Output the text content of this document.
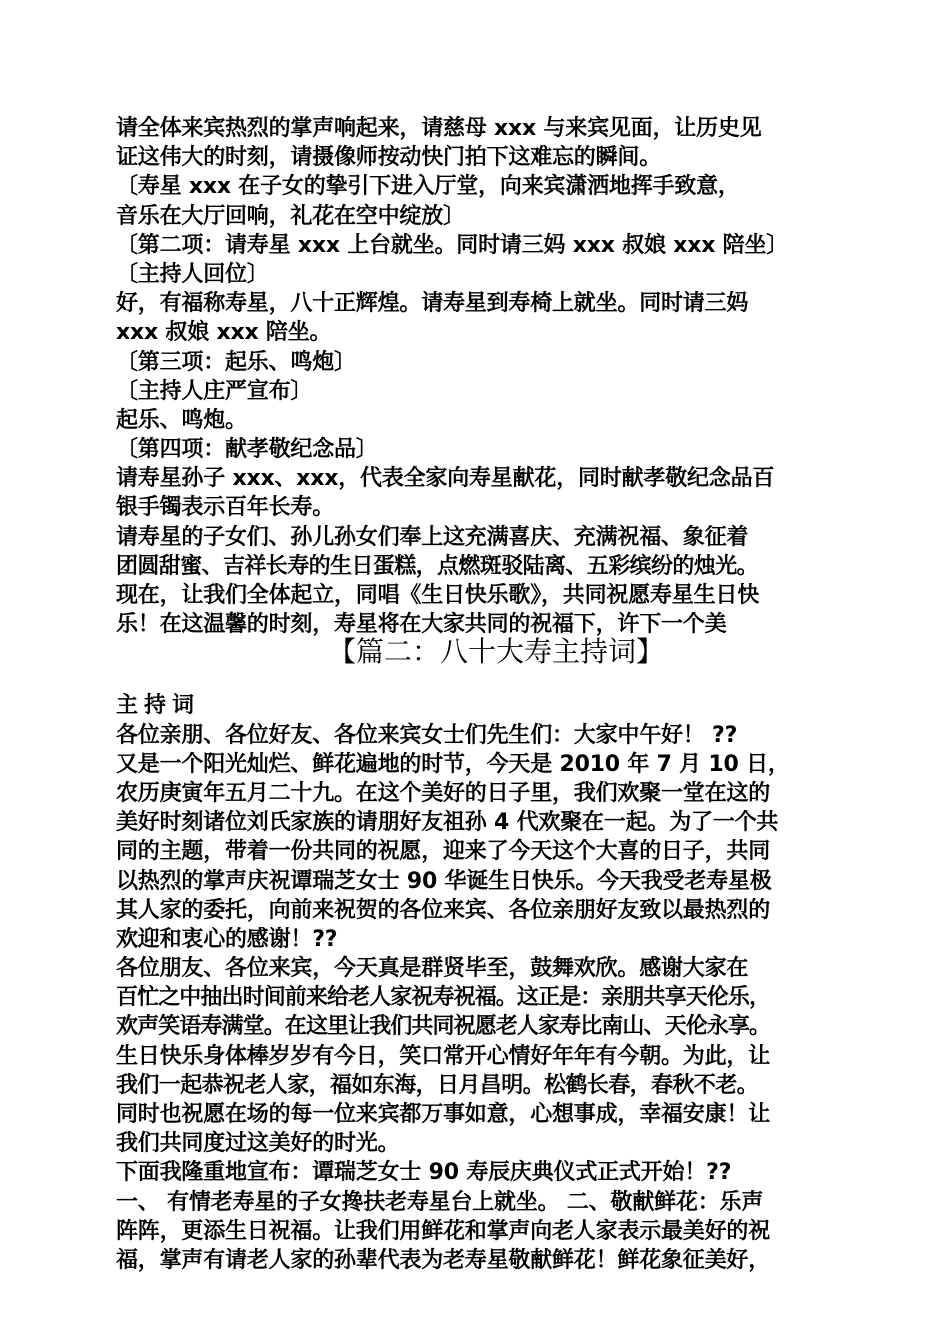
请全体来宾热烈的掌声响起来，请慈母 xxx 与来宾见面，让历史见
证这伟大的时刻，请摄像师按动快门拍下这难忘的瞬间。
〔寿星 xxx 在子女的挚引下进入厅堂，向来宾潇洒地挥手致意，
音乐在大厅回响，礼花在空中绽放〕
〔第二项：请寿星 xxx 上台就坐。同时请三妈 xxx 叔娘 xxx 陪坐〕
〔主持人回位〕
好，有福称寿星，八十正辉煌。请寿星到寿椅上就坐。同时请三妈
xxx 叔娘 xxx 陪坐。
〔第三项：起乐、鸣炮〕
〔主持人庄严宣布〕
起乐、鸣炮。
〔第四项：献孝敬纪念品〕
请寿星孙子 xxx、xxx，代表全家向寿星献花，同时献孝敬纪念品百
银手镯表示百年长寿。
请寿星的子女们、孙儿孙女们奉上这充满喜庆、充满祝福、象征着
团圆甜蜜、吉祥长寿的生日蛋糕，点燃斑驳陆离、五彩缤纷的烛光。
现在，让我们全体起立，同唱《生日快乐歌》，共同祝愿寿星生日快
乐！在这温馨的时刻，寿星将在大家共同的祝福下，许下一个美
【篇二：八十大寿主持词】
主持词
各位亲朋、各位好友、各位来宾女士们先生们：大家中午好！ ??
又是一个阳光灿烂、鲜花遍地的时节，今天是 2010 年 7 月 10 日，
农历庚寅年五月二十九。在这个美好的日子里，我们欢聚一堂在这的
美好时刻诸位刘氏家族的请朋好友祖孙 4 代欢聚在一起。为了一个共
同的主题，带着一份共同的祝愿，迎来了今天这个大喜的日子，共同
以热烈的掌声庆祝谭瑞芝女士 90 华诞生日快乐。今天我受老寿星极
其人家的委托，向前来祝贺的各位来宾、各位亲朋好友致以最热烈的
欢迎和衷心的感谢！??
各位朋友、各位来宾，今天真是群贤毕至，鼓舞欢欣。感谢大家在
百忙之中抽出时间前来给老人家祝寿祝福。这正是：亲朋共享天伦乐，
欢声笑语寿满堂。在这里让我们共同祝愿老人家寿比南山、天伦永享。
生日快乐身体棒岁岁有今日，笑口常开心情好年年有今朝。为此，让
我们一起恭祝老人家，福如东海，日月昌明。松鹤长春，春秋不老。
同时也祝愿在场的每一位来宾都万事如意，心想事成，幸福安康！让
我们共同度过这美好的时光。
下面我隆重地宣布：谭瑞芝女士 90 寿辰庆典仪式正式开始！??
一、 有情老寿星的子女搀扶老寿星台上就坐。 二、敬献鲜花：乐声
阵阵，更添生日祝福。让我们用鲜花和掌声向老人家表示最美好的祝
福，掌声有请老人家的孙辈代表为老寿星敬献鲜花！鲜花象征美好，
